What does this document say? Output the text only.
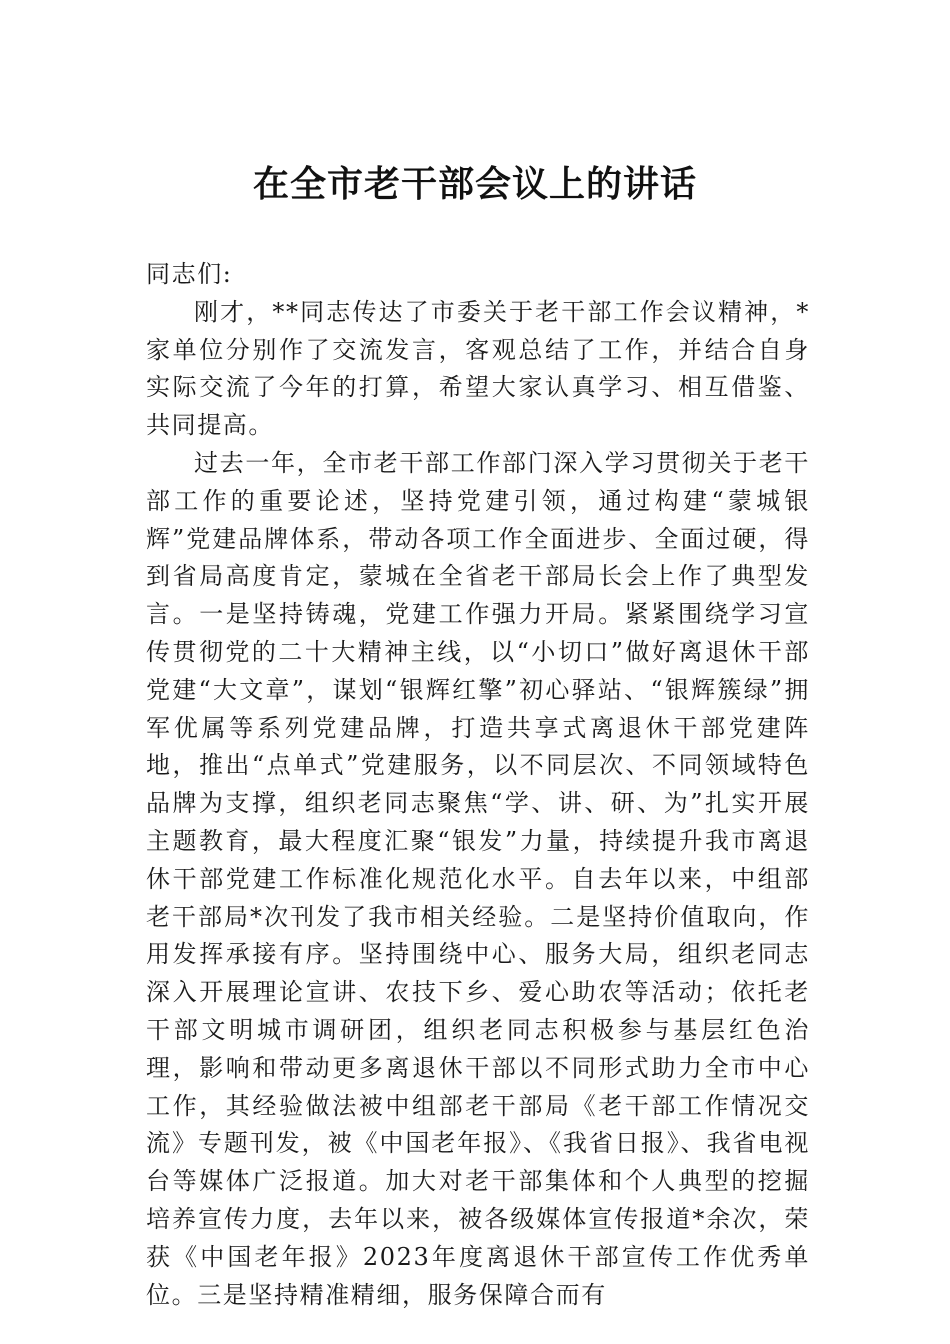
在全市老干部会议上的讲话

同志们:

刚才，**同志传达了市委关于老干部工作会议精神，*家单位分别作了交流发言，客观总结了工作，并结合自身实际交流了今年的打算，希望大家认真学习、相互借鉴、共同提高。

过去一年，全市老干部工作部门深入学习贯彻关于老干部工作的重要论述，坚持党建引领，通过构建“蒙城银辉”党建品牌体系，带动各项工作全面进步、全面过硬，得到省局高度肯定，蒙城在全省老干部局长会上作了典型发言。一是坚持铸魂，党建工作强力开局。紧紧围绕学习宣传贯彻党的二十大精神主线，以“小切口”做好离退休干部党建“大文章”，谋划“银辉红擎”初心驿站、“银辉簇绿”拥军优属等系列党建品牌，打造共享式离退休干部党建阵地，推出“点单式”党建服务，以不同层次、不同领域特色品牌为支撑，组织老同志聚焦“学、讲、研、为”扎实开展主题教育，最大程度汇聚“银发”力量，持续提升我市离退休干部党建工作标准化规范化水平。自去年以来，中组部老干部局*次刊发了我市相关经验。二是坚持价值取向，作用发挥承接有序。坚持围绕中心、服务大局，组织老同志深入开展理论宣讲、农技下乡、爱心助农等活动；依托老干部文明城市调研团，组织老同志积极参与基层红色治理，影响和带动更多离退休干部以不同形式助力全市中心工作，其经验做法被中组部老干部局《老干部工作情况交流》专题刊发，被《中国老年报》、《我省日报》、我省电视台等媒体广泛报道。加大对老干部集体和个人典型的挖掘培养宣传力度，去年以来，被各级媒体宣传报道*余次，荣获《中国老年报》2023年度离退休干部宣传工作优秀单位。三是坚持精准精细，服务保障合而有
